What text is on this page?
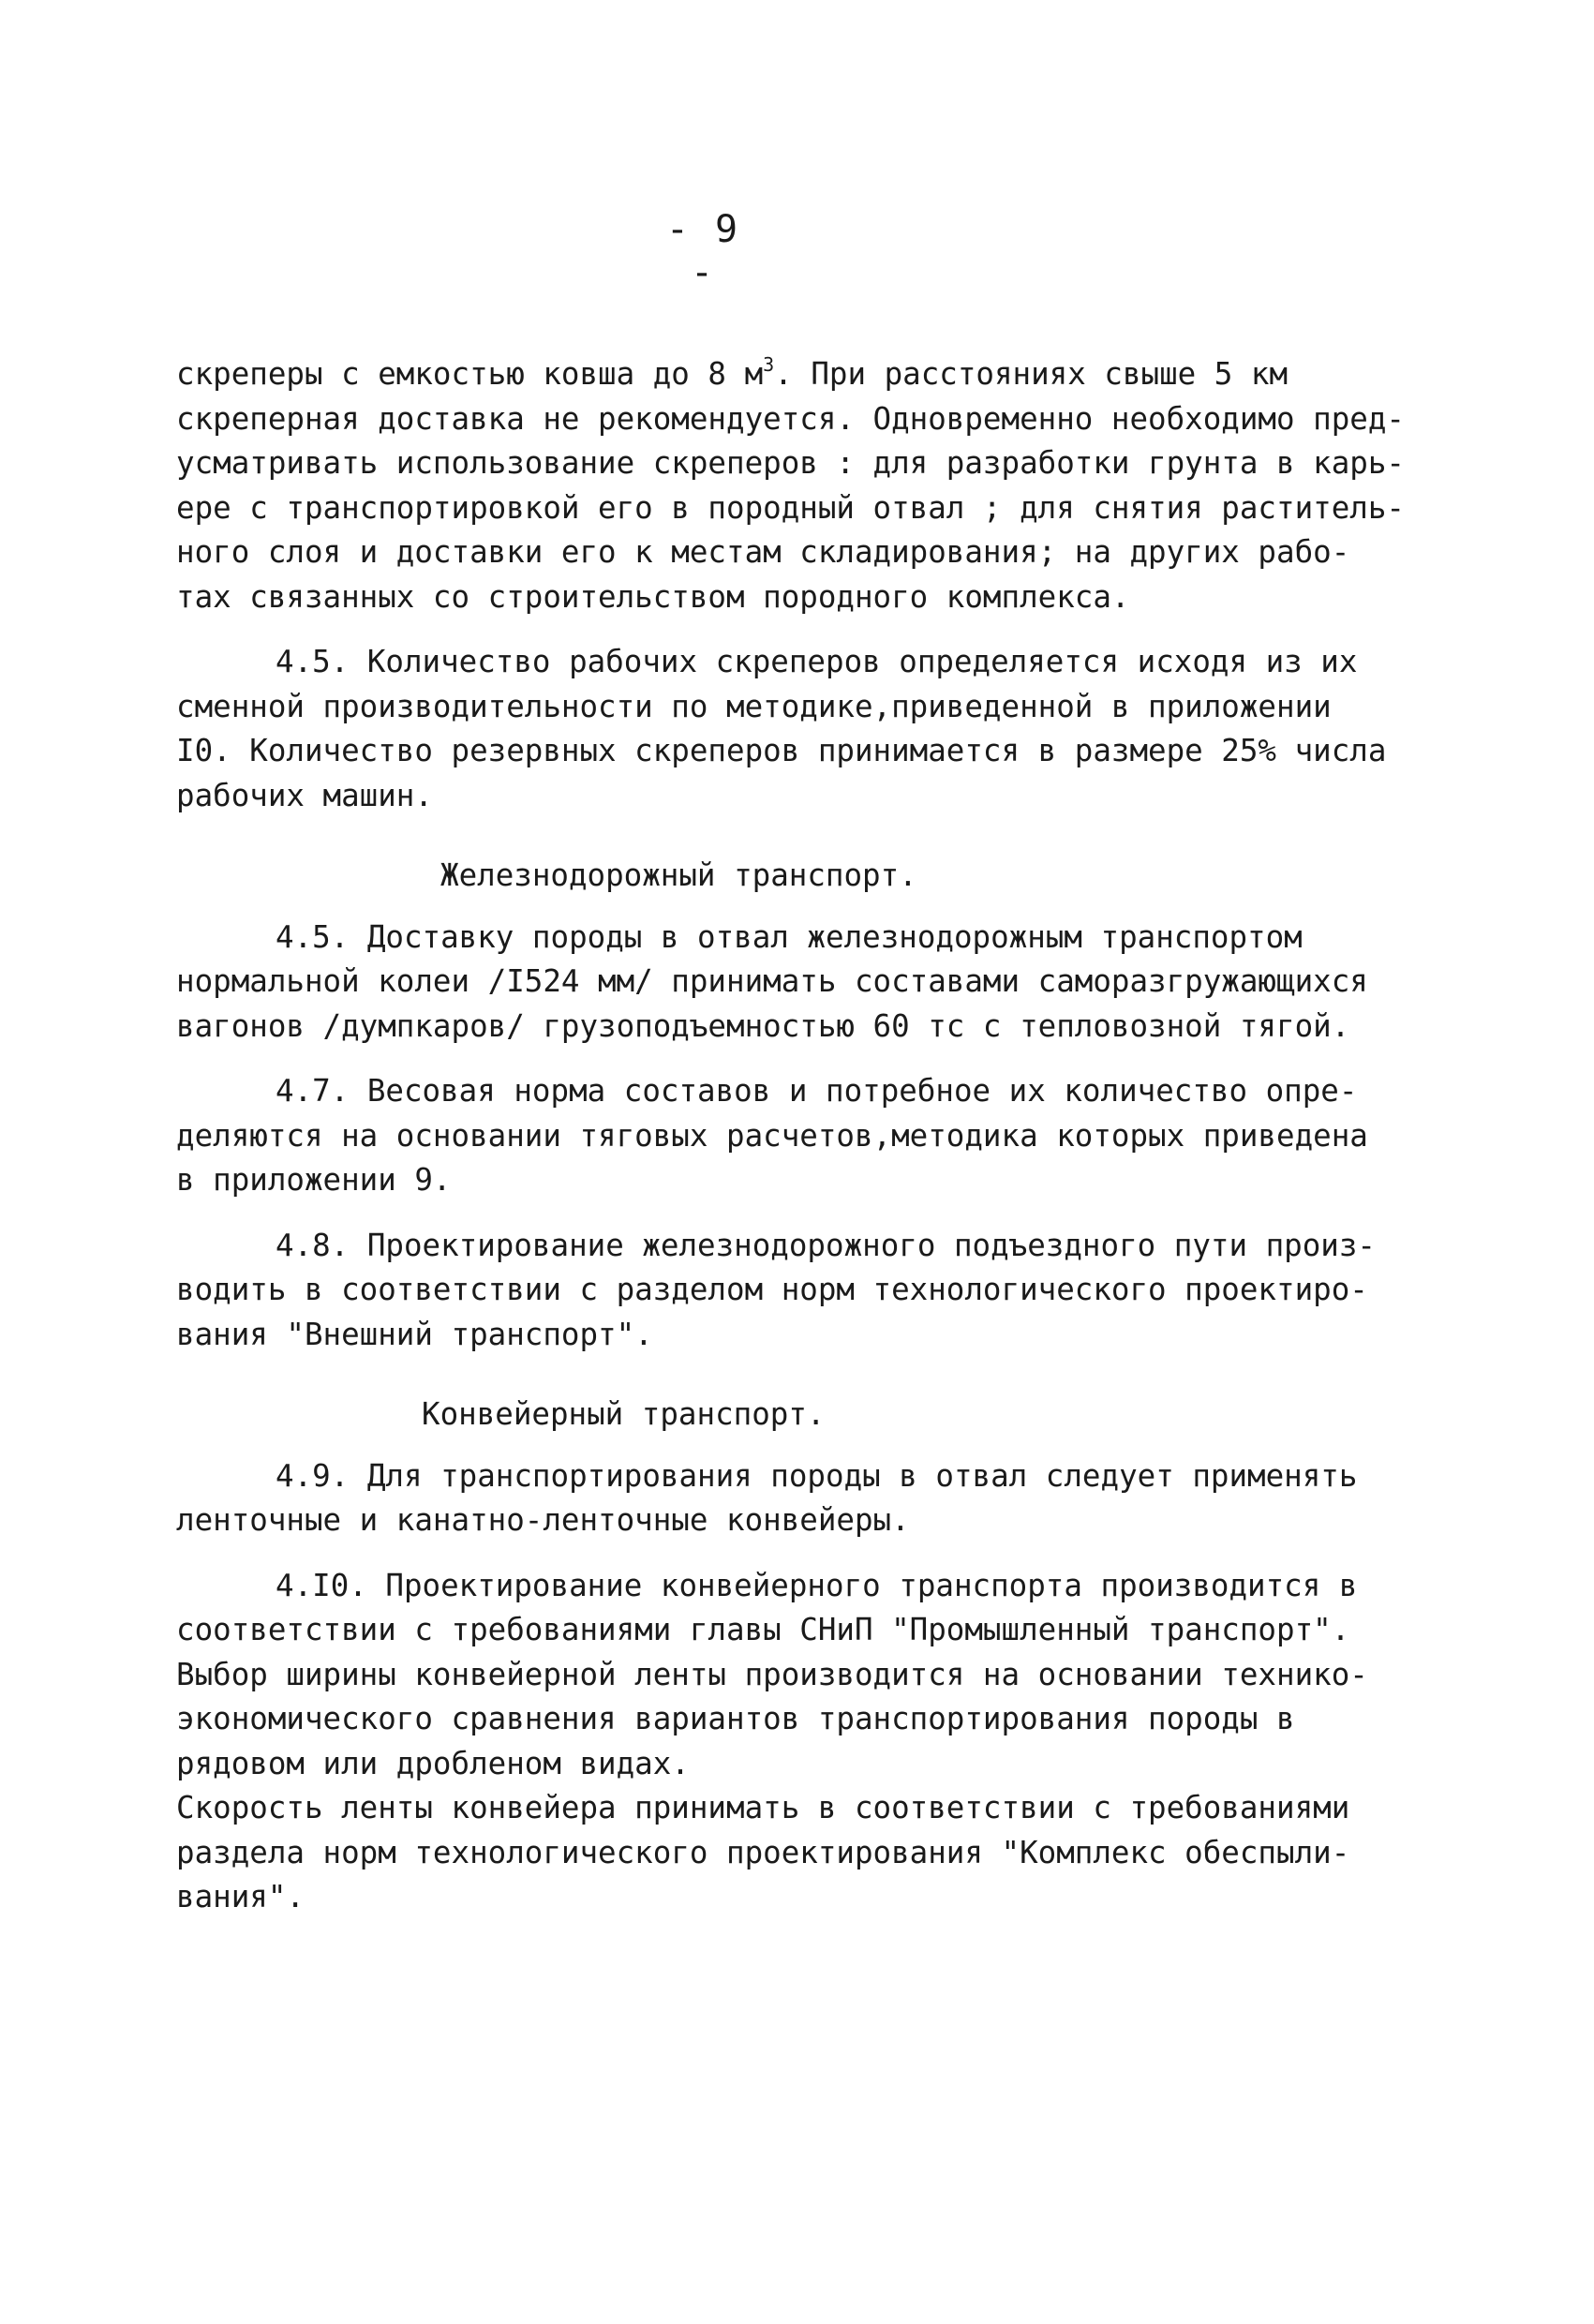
- 9 -
скреперы с емкостью ковша до 8 $м^3$. При расстояниях свыше 5 км
скреперная доставка не рекомендуется. Одновременно необходимо пред-
усматривать использование скреперов : для разработки грунта в карь-
ере с транспортировкой его в породный отвал ; для снятия раститель-
ного слоя и доставки его к местам складирования; на других рабо-
тах связанных со строительством породного комплекса.
4.5. Количество рабочих скреперов определяется исходя из их
сменной производительности по методике,приведенной в приложении
I0. Количество резервных скреперов принимается в размере 25% числа
рабочих машин.
Железнодорожный транспорт.
4.5. Доставку породы в отвал железнодорожным транспортом
нормальной колеи /I524 мм/ принимать составами саморазгружающихся
вагонов /думпкаров/ грузоподъемностью 60 тс с тепловозной тягой.
4.7. Весовая норма составов и потребное их количество опре-
деляются на основании тяговых расчетов,методика которых приведена
в приложении 9.
4.8. Проектирование железнодорожного подъездного пути произ-
водить в соответствии с разделом норм технологического проектиро-
вания "Внешний транспорт".
Конвейерный транспорт.
4.9. Для транспортирования породы в отвал следует применять
ленточные и канатно-ленточные конвейеры.
4.I0. Проектирование конвейерного транспорта производится в
соответствии с требованиями главы СНиП "Промышленный транспорт".
Выбор ширины конвейерной ленты производится на основании технико-
экономического сравнения вариантов транспортирования породы в
рядовом или дробленом видах.
Скорость ленты конвейера принимать в соответствии с требованиями
раздела норм технологического проектирования "Комплекс обеспыли-
вания".
